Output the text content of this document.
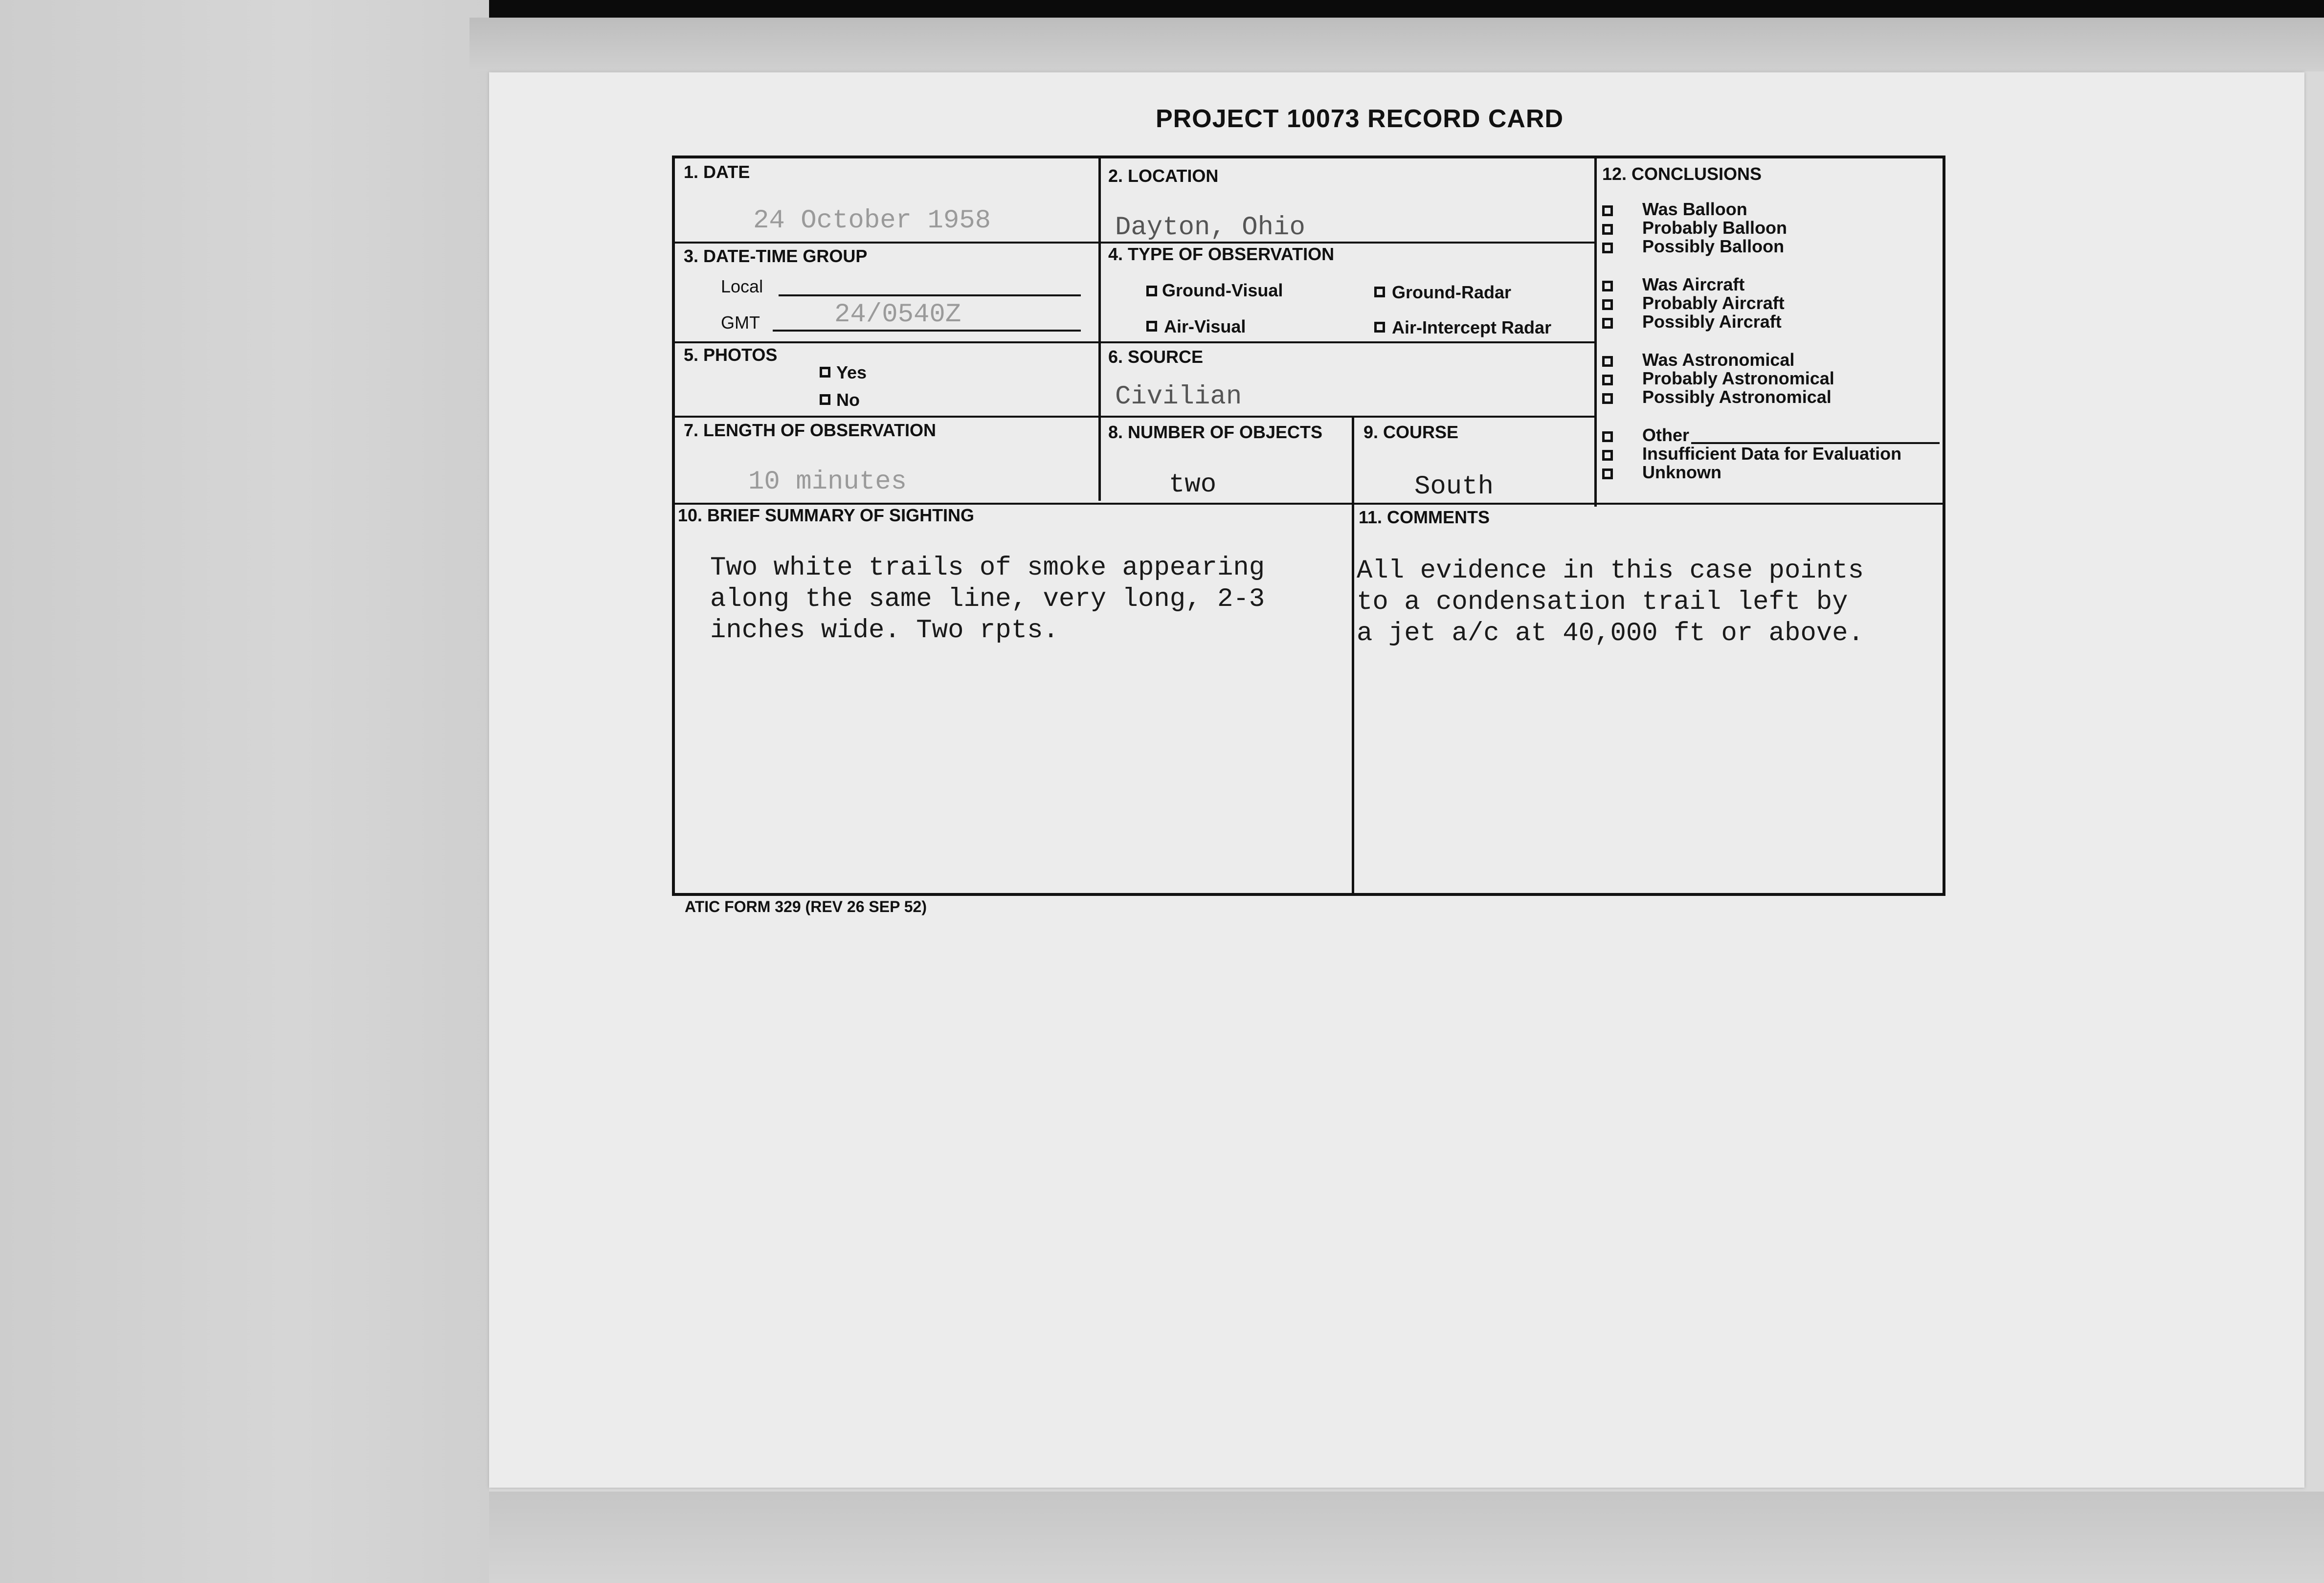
PROJECT 10073 RECORD CARD
1. DATE
24 October 1958
2. LOCATION
Dayton, Ohio
3. DATE-TIME GROUP
Local
GMT	24/0540Z
4. TYPE OF OBSERVATION
Ground-Visual	Ground-Radar
Air-Visual	Air-Intercept Radar
5. PHOTOS
Yes
No
6. SOURCE
Civilian
7. LENGTH OF OBSERVATION
10 minutes
8. NUMBER OF OBJECTS
two
9. COURSE
South
10. BRIEF SUMMARY OF SIGHTING
Two white trails of smoke appearing
along the same line, very long, 2-3
inches wide. Two rpts.
11. COMMENTS
All evidence in this case points
to a condensation trail left by
a jet a/c at 40,000 ft or above.
12. CONCLUSIONS
Was Balloon
Probably Balloon
Possibly Balloon
Was Aircraft
Probably Aircraft
Possibly Aircraft
Was Astronomical
Probably Astronomical
Possibly Astronomical
Other
Insufficient Data for Evaluation
Unknown
ATIC FORM 329 (REV 26 SEP 52)
